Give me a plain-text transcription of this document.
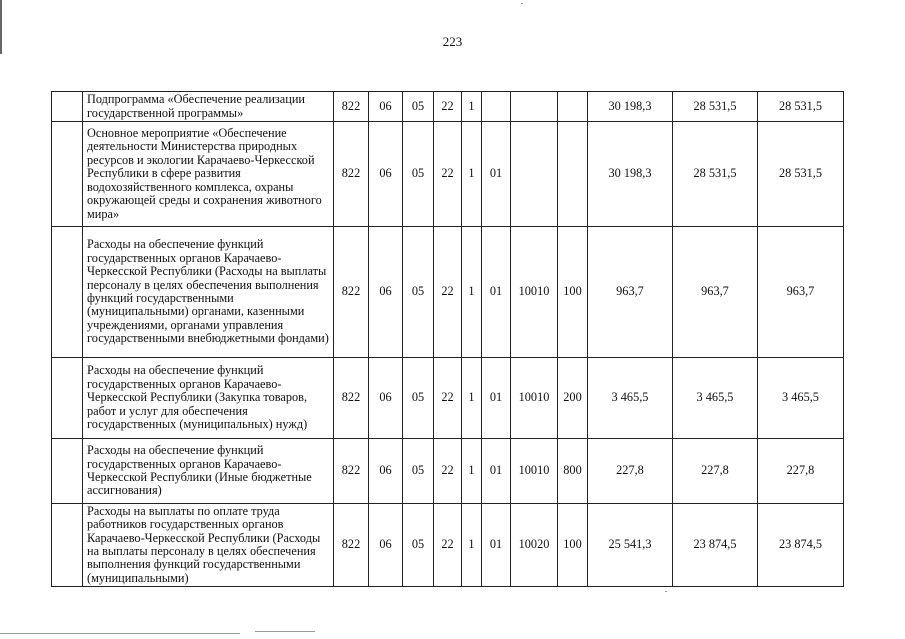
223
	Подпрограмма «Обеспечение реализации государственной программы»	822	06	05	22	1				30 198,3	28 531,5	28 531,5
	Основное мероприятие «Обеспечение деятельности Министерства природных ресурсов и экологии Карачаево-Черкесской Республики в сфере развития водохозяйственного комплекса, охраны окружающей среды и сохранения животного мира»	822	06	05	22	1	01			30 198,3	28 531,5	28 531,5
	Расходы на обеспечение функций государственных органов Карачаево-Черкесской Республики (Расходы на выплаты персоналу в целях обеспечения выполнения функций государственными (муниципальными) органами, казенными учреждениями, органами управления государственными внебюджетными фондами)	822	06	05	22	1	01	10010	100	963,7	963,7	963,7
	Расходы на обеспечение функций государственных органов Карачаево-Черкесской Республики (Закупка товаров, работ и услуг для обеспечения государственных (муниципальных) нужд)	822	06	05	22	1	01	10010	200	3 465,5	3 465,5	3 465,5
	Расходы на обеспечение функций государственных органов Карачаево-Черкесской Республики (Иные бюджетные ассигнования)	822	06	05	22	1	01	10010	800	227,8	227,8	227,8
	Расходы на выплаты по оплате труда работников государственных органов Карачаево-Черкесской Республики (Расходы на выплаты персоналу в целях обеспечения выполнения функций государственными (муниципальными)	822	06	05	22	1	01	10020	100	25 541,3	23 874,5	23 874,5
